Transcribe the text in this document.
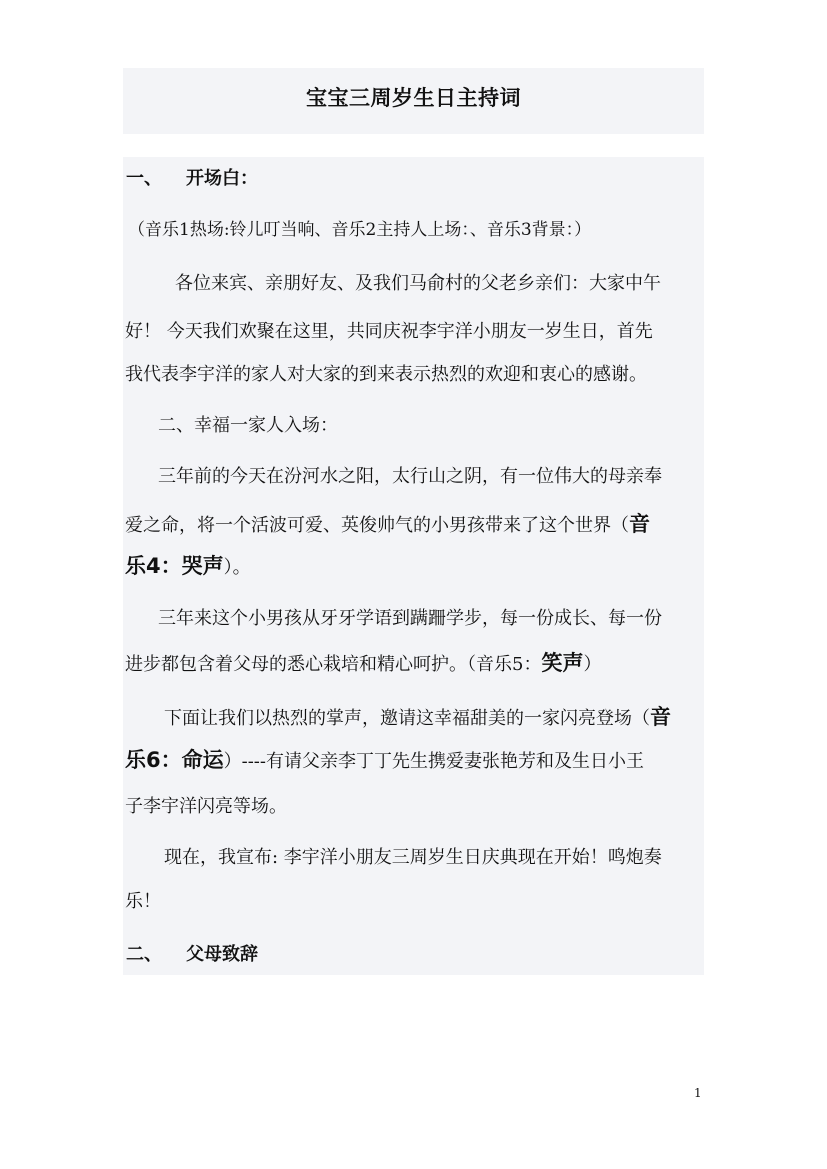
宝宝三周岁生日主持词
一、 开场白：
（音乐1热场:铃儿叮当响、音乐2主持人上场：、音乐3背景：）
各位来宾、亲朋好友、及我们马俞村的父老乡亲们：大家中午
好！ 今天我们欢聚在这里，共同庆祝李宇洋小朋友一岁生日，首先
我代表李宇洋的家人对大家的到来表示热烈的欢迎和衷心的感谢。
二、幸福一家人入场：
三年前的今天在汾河水之阳，太行山之阴，有一位伟大的母亲奉
爱之命，将一个活波可爱、英俊帅气的小男孩带来了这个世界（音
乐4：哭声）。
三年来这个小男孩从牙牙学语到蹒跚学步，每一份成长、每一份
进步都包含着父母的悉心栽培和精心呵护。（音乐5：笑声）
下面让我们以热烈的掌声，邀请这幸福甜美的一家闪亮登场（音
乐6：命运）----有请父亲李丁丁先生携爱妻张艳芳和及生日小王
子李宇洋闪亮等场。
现在，我宣布: 李宇洋小朋友三周岁生日庆典现在开始！鸣炮奏
乐！
二、 父母致辞
1
